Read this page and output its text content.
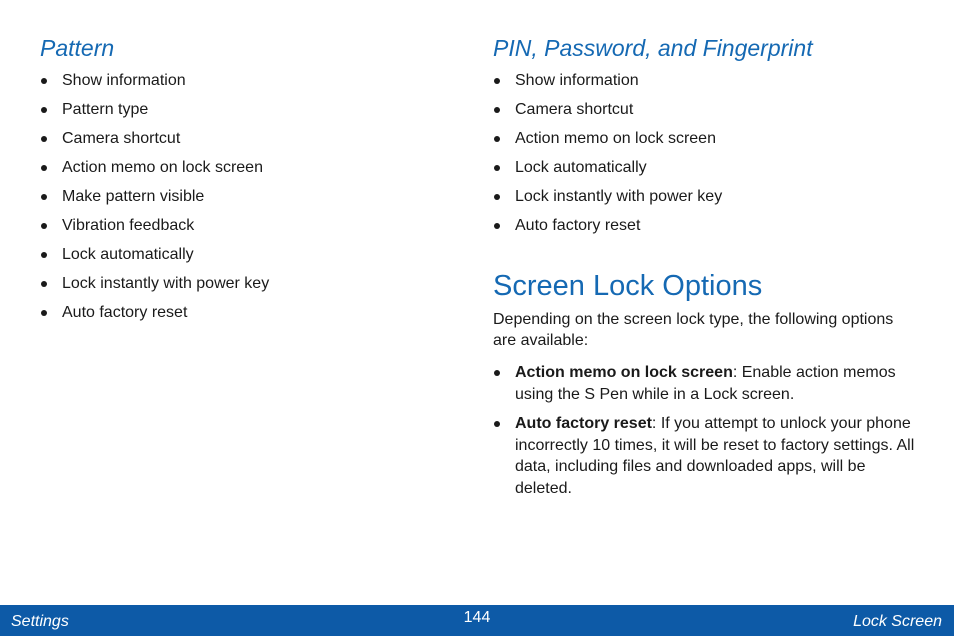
Pattern
Show information
Pattern type
Camera shortcut
Action memo on lock screen
Make pattern visible
Vibration feedback
Lock automatically
Lock instantly with power key
Auto factory reset
PIN, Password, and Fingerprint
Show information
Camera shortcut
Action memo on lock screen
Lock automatically
Lock instantly with power key
Auto factory reset
Screen Lock Options

Depending on the screen lock type, the following options are available:

Action memo on lock screen: Enable action memos using the S Pen while in a Lock screen.
Auto factory reset: If you attempt to unlock your phone incorrectly 10 times, it will be reset to factory settings. All data, including files and downloaded apps, will be deleted.
Settings	144	Lock Screen
